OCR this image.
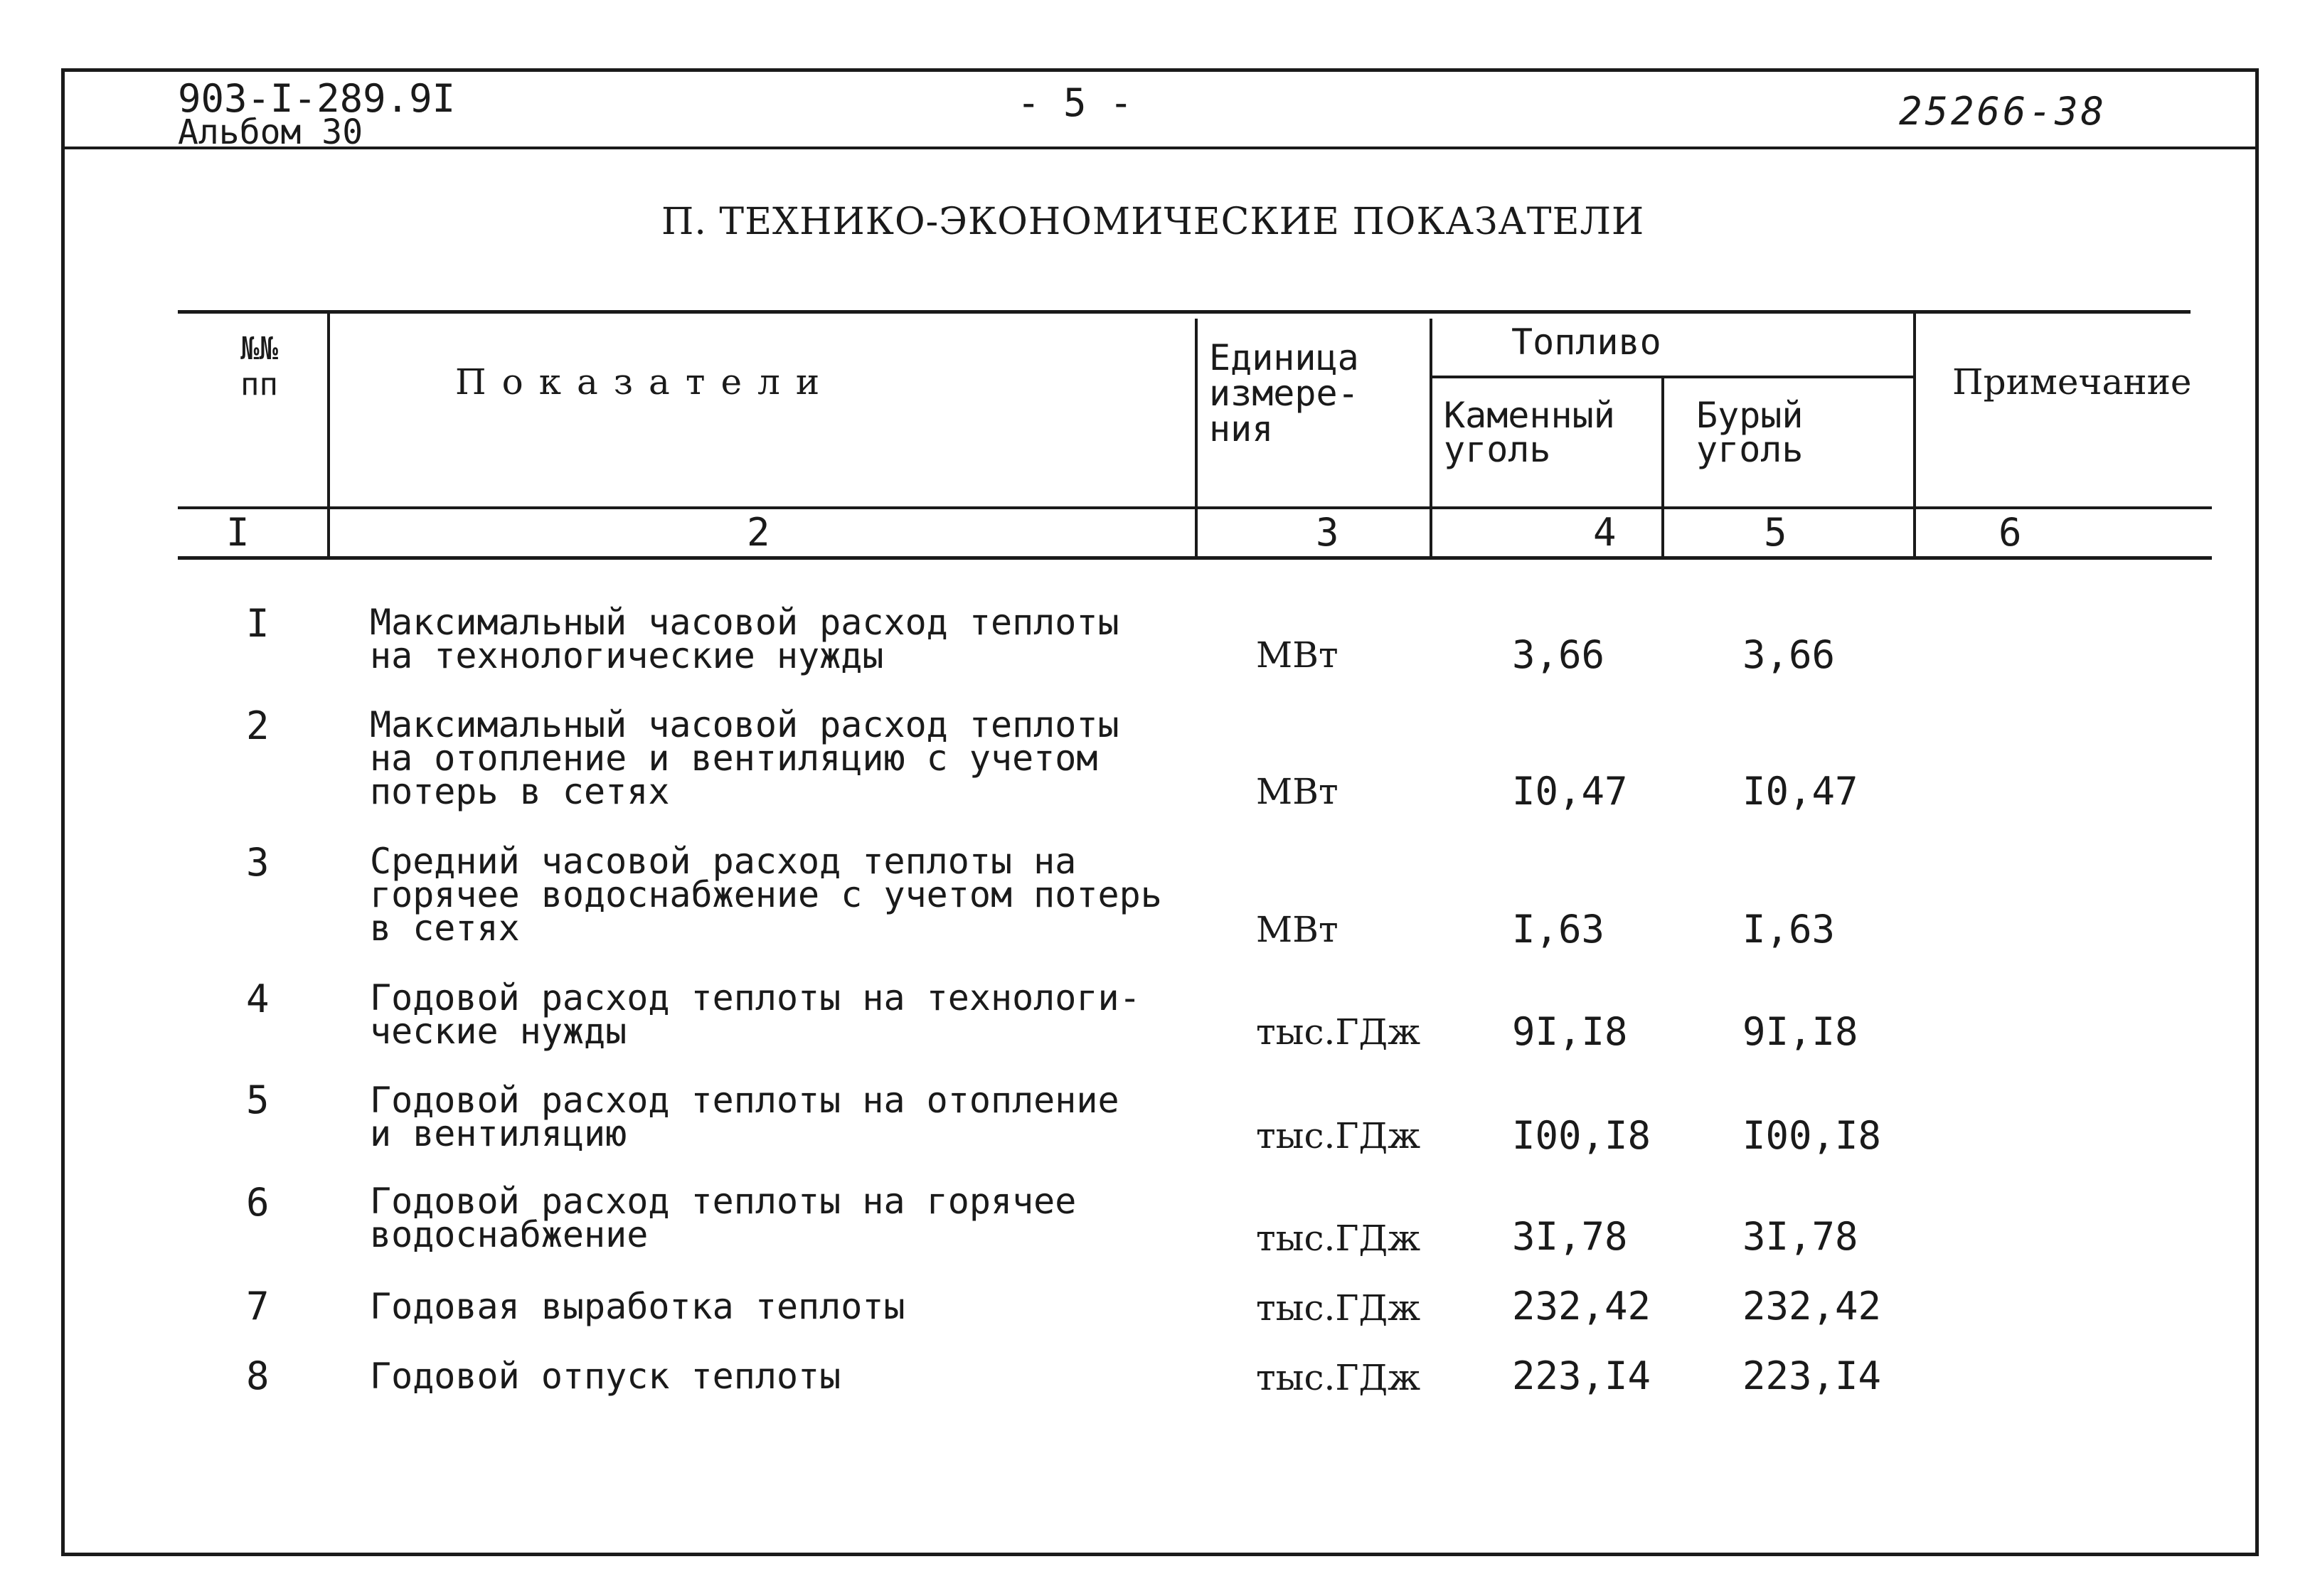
903-I-289.9I
Альбом 30
- 5 -	25266-38
П. ТЕХНИКО-ЭКОНОМИЧЕСКИЕ ПОКАЗАТЕЛИ
№№
пп	Показатели
Единица
измере-
ния
Топливо
Каменный
уголь
Бурый
уголь
Примечание
I	2	3	4	5	6
I	Максимальный часовой расход теплоты
на технологические нужды	МВт	3,66	3,66
2	Максимальный часовой расход теплоты
на отопление и вентиляцию с учетом
потерь в сетях	МВт	I0,47	I0,47
3	Средний часовой расход теплоты на
горячее водоснабжение с учетом потерь
в сетях	МВт	I,63	I,63
4	Годовой расход теплоты на технологи-
ческие нужды	тыс.ГДж 9I,I8	9I,I8
5	Годовой расход теплоты на отопление
и вентиляцию	тыс.ГДж I00,I8 I00,I8
6	Годовой расход теплоты на горячее
водоснабжение	тыс.ГДж 3I,78	3I,78
7	Годовая выработка теплоты	тыс.ГДж 232,42 232,42
8	Годовой отпуск теплоты	тыс.ГДж 223,I4 223,I4
